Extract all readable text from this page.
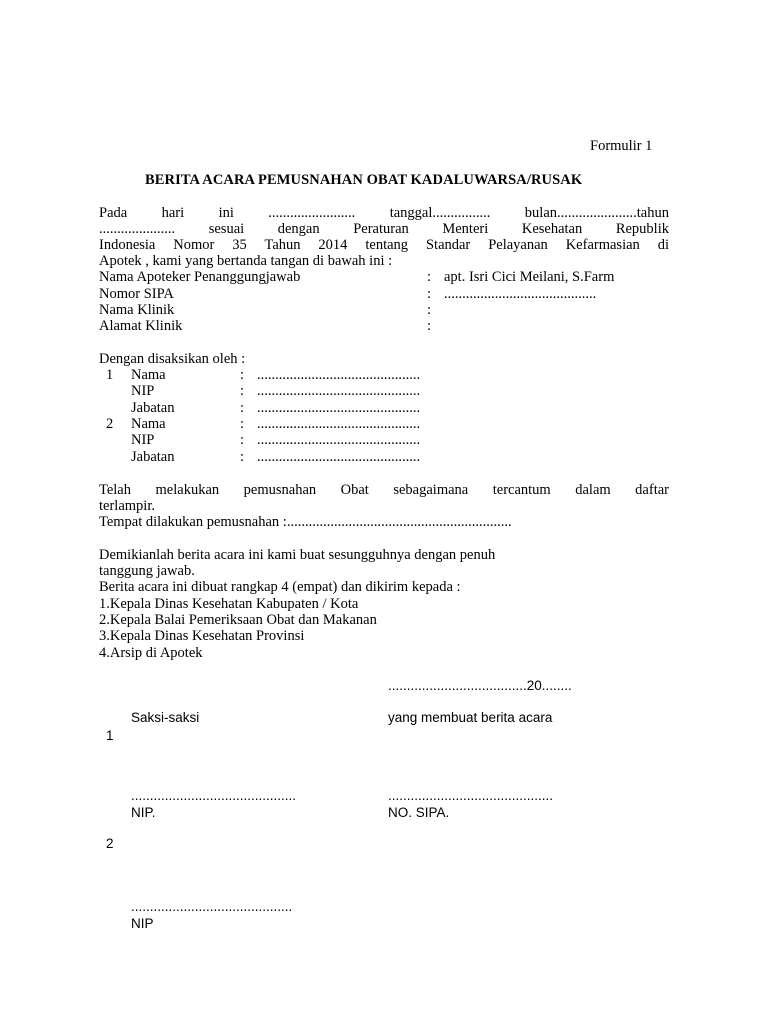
Formulir 1
BERITA ACARA PEMUSNAHAN OBAT KADALUWARSA/RUSAK
Pada hari ini ........................ tanggal................ bulan......................tahun
..................... sesuai dengan Peraturan Menteri Kesehatan Republik
Indonesia Nomor 35 Tahun 2014 tentang Standar Pelayanan Kefarmasian di
Apotek , kami yang bertanda tangan di bawah ini :
Nama Apoteker Penanggungjawab	: apt. Isri Cici Meilani, S.Farm
Nomor SIPA	: ..........................................
Nama Klinik	:
Alamat Klinik	:
Dengan disaksikan oleh :
1 Nama	: .............................................
NIP	: .............................................
Jabatan	: .............................................
2 Nama	: .............................................
NIP	: .............................................
Jabatan	: .............................................
Telah melakukan pemusnahan Obat sebagaimana tercantum dalam daftar
terlampir.
Tempat dilakukan pemusnahan :..............................................................
Demikianlah berita acara ini kami buat sesungguhnya dengan penuh
tanggung jawab.
Berita acara ini dibuat rangkap 4 (empat) dan dikirim kepada :
1.Kepala Dinas Kesehatan Kabupaten / Kota
2.Kepala Balai Pemeriksaan Obat dan Makanan
3.Kepala Dinas Kesehatan Provinsi
4.Arsip di Apotek
.....................................20........
Saksi-saksi	yang membuat berita acara
1
............................................	............................................
NIP.	NO. SIPA.
2
...........................................
NIP
